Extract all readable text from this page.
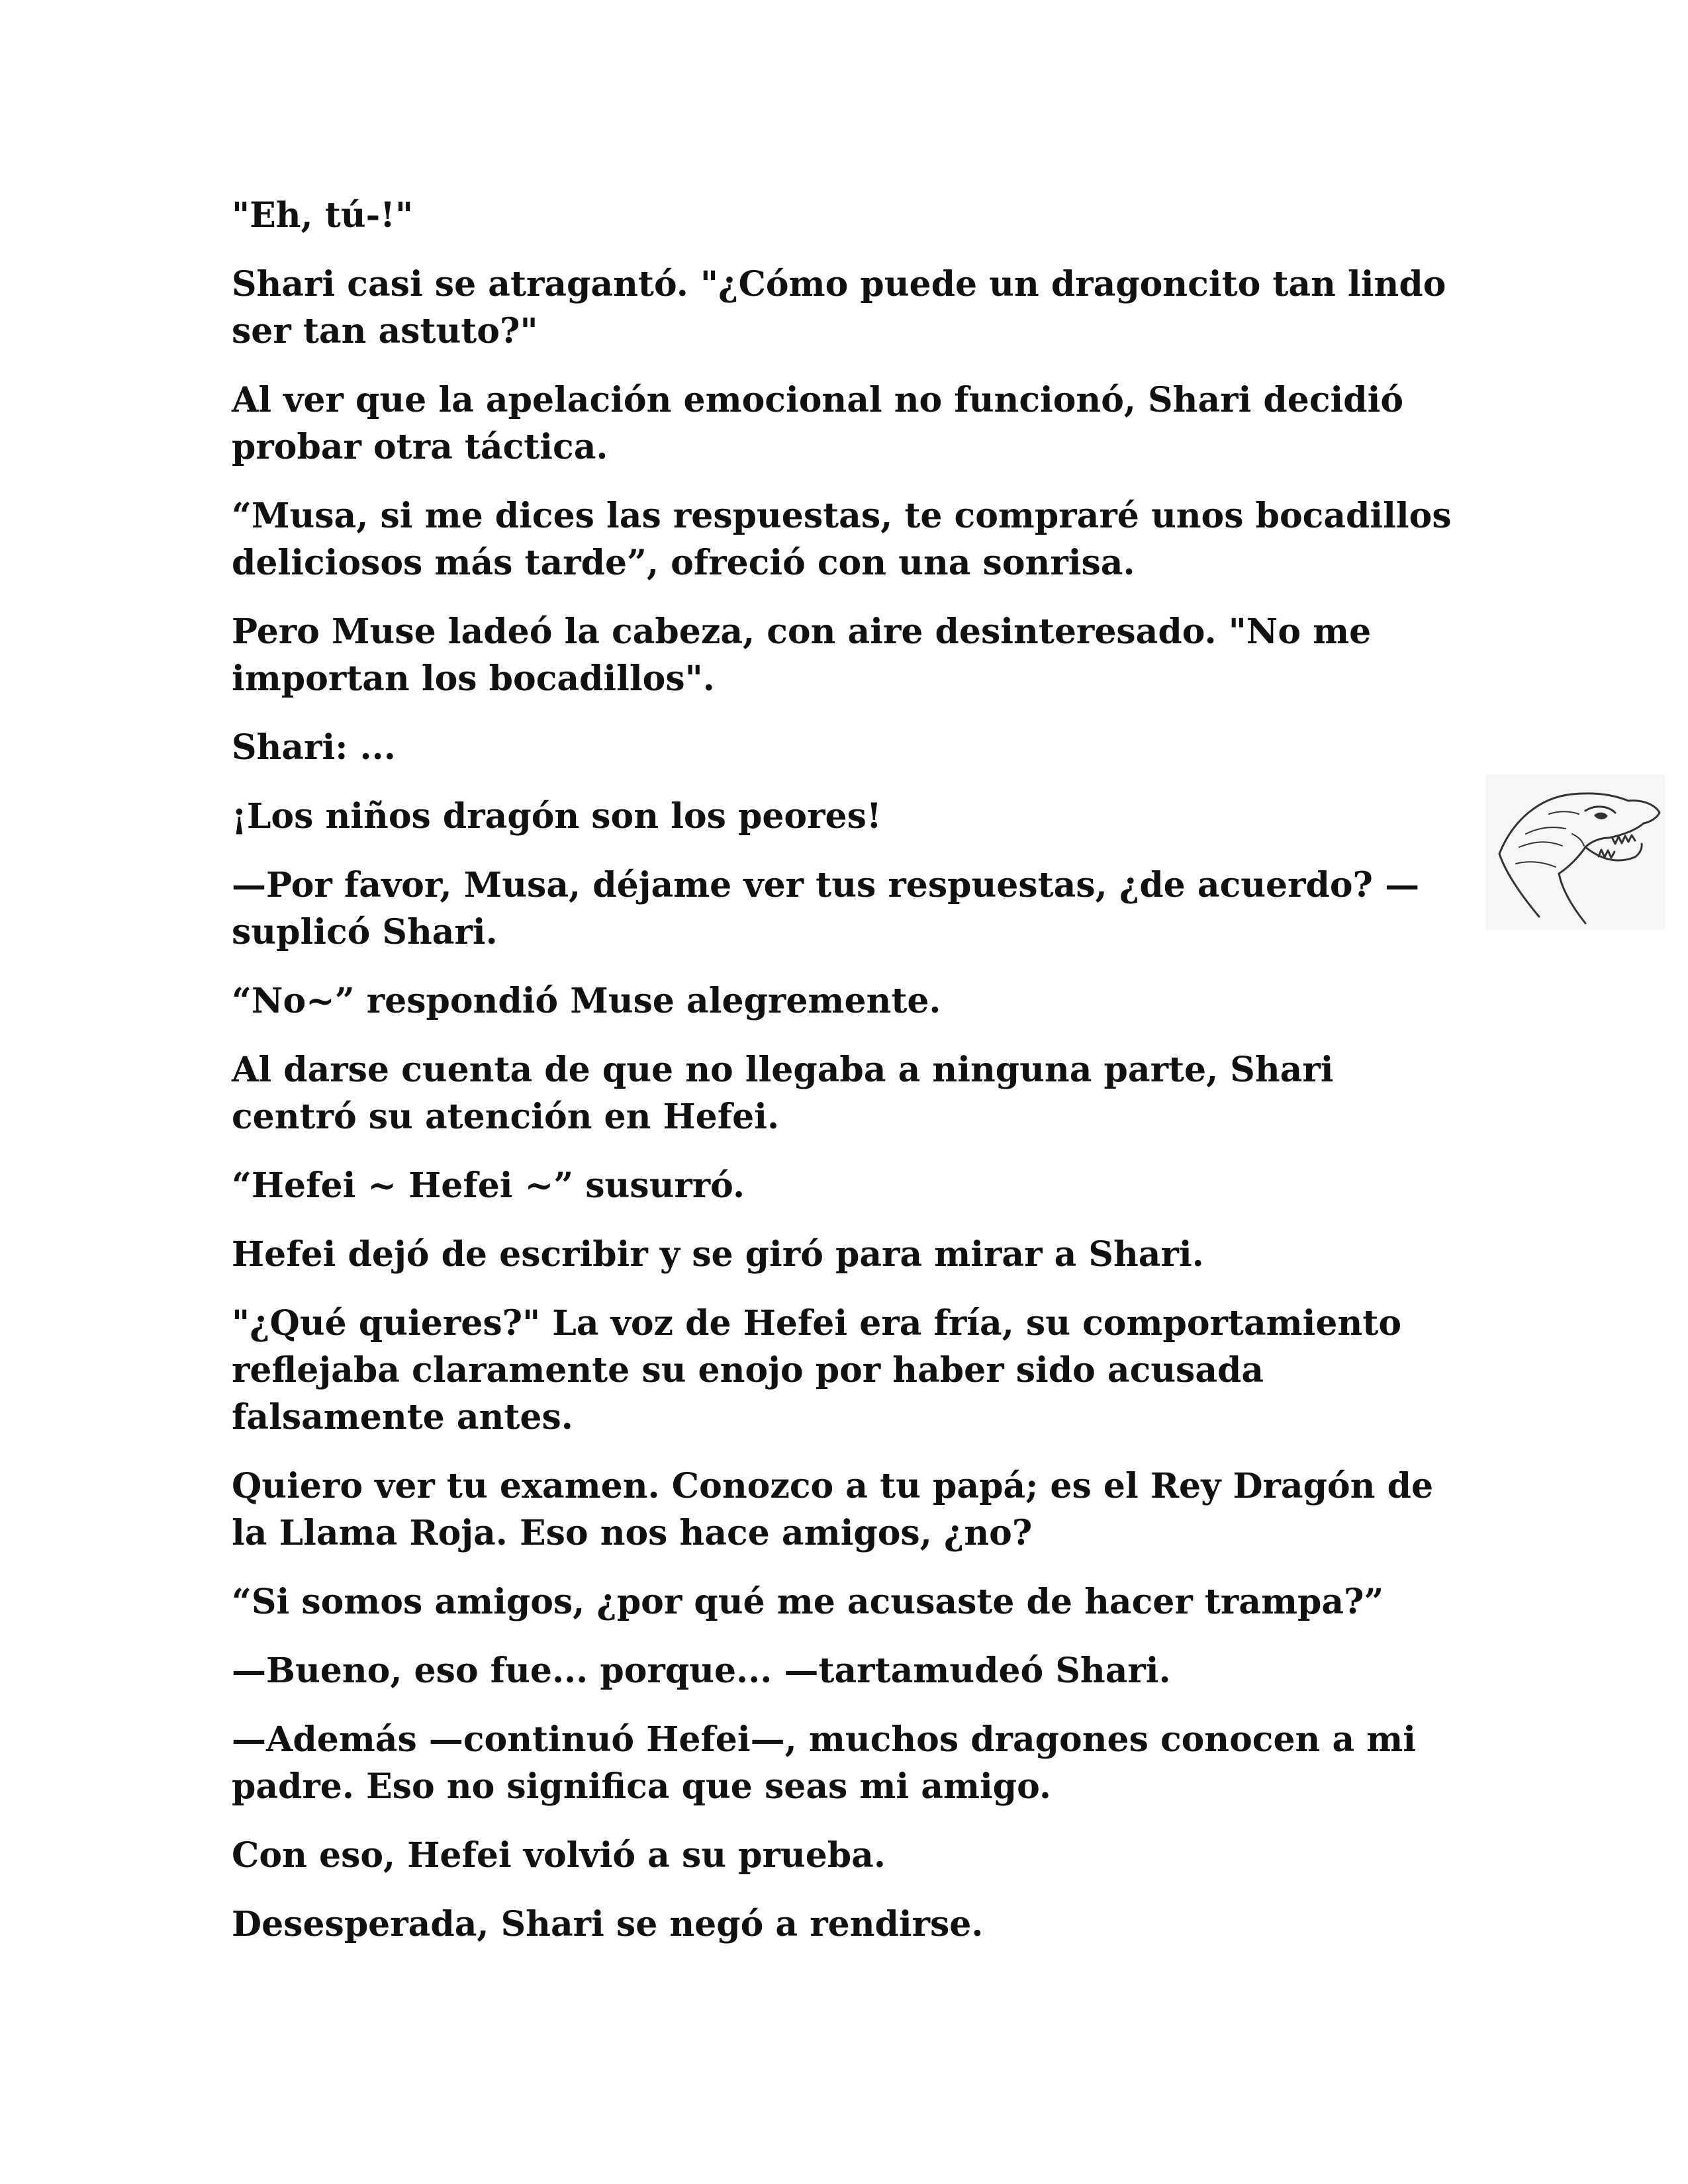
"Eh, tú-!"

Shari casi se atragantó. "¿Cómo puede un dragoncito tan lindo
ser tan astuto?"

Al ver que la apelación emocional no funcionó, Shari decidió
probar otra táctica.

“Musa, si me dices las respuestas, te compraré unos bocadillos
deliciosos más tarde”, ofreció con una sonrisa.

Pero Muse ladeó la cabeza, con aire desinteresado. "No me
importan los bocadillos".

Shari: ...

¡Los niños dragón son los peores!

—Por favor, Musa, déjame ver tus respuestas, ¿de acuerdo? —
suplicó Shari.

“No~” respondió Muse alegremente.

Al darse cuenta de que no llegaba a ninguna parte, Shari
centró su atención en Hefei.

“Hefei ~ Hefei ~” susurró.

Hefei dejó de escribir y se giró para mirar a Shari.

"¿Qué quieres?" La voz de Hefei era fría, su comportamiento
reflejaba claramente su enojo por haber sido acusada
falsamente antes.

Quiero ver tu examen. Conozco a tu papá; es el Rey Dragón de
la Llama Roja. Eso nos hace amigos, ¿no?

“Si somos amigos, ¿por qué me acusaste de hacer trampa?”

—Bueno, eso fue... porque... —tartamudeó Shari.

—Además —continuó Hefei—, muchos dragones conocen a mi
padre. Eso no significa que seas mi amigo.

Con eso, Hefei volvió a su prueba.

Desesperada, Shari se negó a rendirse.
